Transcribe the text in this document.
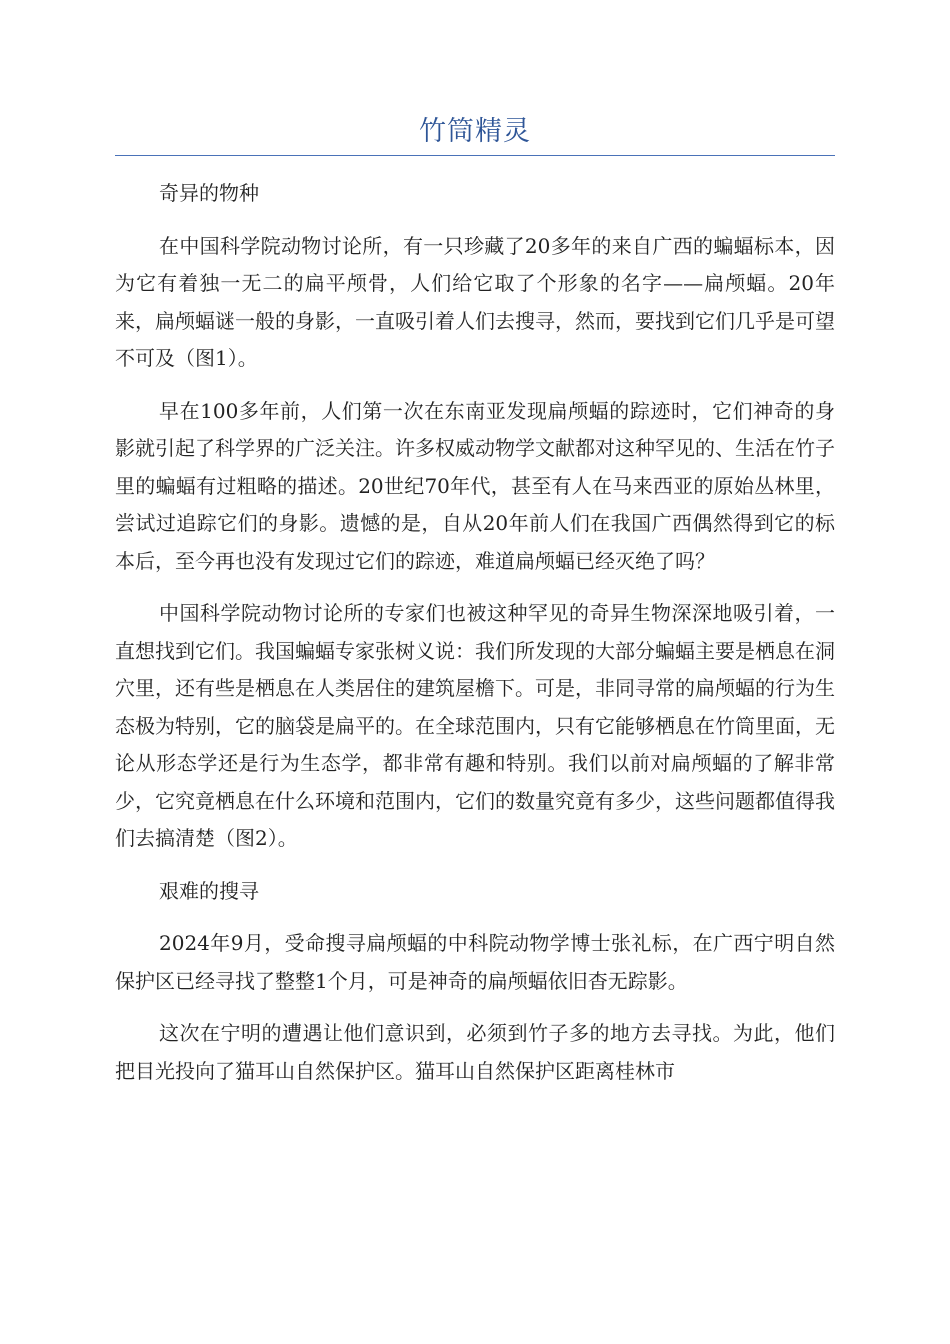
竹筒精灵

奇异的物种

在中国科学院动物讨论所，有一只珍藏了20多年的来自广西的蝙蝠标本，因为它有着独一无二的扁平颅骨，人们给它取了个形象的名字——扁颅蝠。20年来，扁颅蝠谜一般的身影，一直吸引着人们去搜寻，然而，要找到它们几乎是可望不可及（图1）。

早在100多年前，人们第一次在东南亚发现扁颅蝠的踪迹时，它们神奇的身影就引起了科学界的广泛关注。许多权威动物学文献都对这种罕见的、生活在竹子里的蝙蝠有过粗略的描述。20世纪70年代，甚至有人在马来西亚的原始丛林里，尝试过追踪它们的身影。遗憾的是，自从20年前人们在我国广西偶然得到它的标本后，至今再也没有发现过它们的踪迹，难道扁颅蝠已经灭绝了吗？

中国科学院动物讨论所的专家们也被这种罕见的奇异生物深深地吸引着，一直想找到它们。我国蝙蝠专家张树义说：我们所发现的大部分蝙蝠主要是栖息在洞穴里，还有些是栖息在人类居住的建筑屋檐下。可是，非同寻常的扁颅蝠的行为生态极为特别，它的脑袋是扁平的。在全球范围内，只有它能够栖息在竹筒里面，无论从形态学还是行为生态学，都非常有趣和特别。我们以前对扁颅蝠的了解非常少，它究竟栖息在什么环境和范围内，它们的数量究竟有多少，这些问题都值得我们去搞清楚（图2）。

艰难的搜寻

2024年9月，受命搜寻扁颅蝠的中科院动物学博士张礼标，在广西宁明自然保护区已经寻找了整整1个月，可是神奇的扁颅蝠依旧杳无踪影。

这次在宁明的遭遇让他们意识到，必须到竹子多的地方去寻找。为此，他们把目光投向了猫耳山自然保护区。猫耳山自然保护区距离桂林市
